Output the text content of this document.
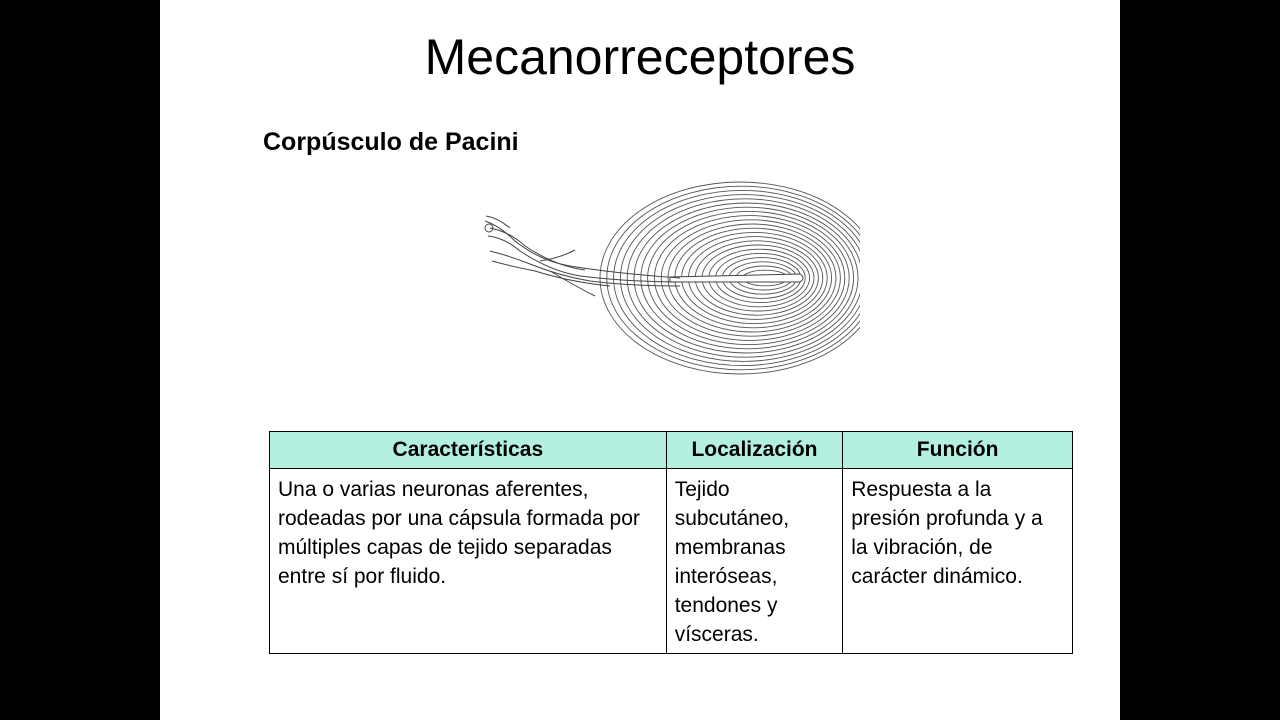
Mecanorreceptores
Corpúsculo de Pacini
Características	Localización	Función
Una o varias neuronas aferentes, rodeadas por una cápsula formada por múltiples capas de tejido separadas entre sí por fluido.	Tejido subcutáneo, membranas interóseas, tendones y vísceras.	Respuesta a la presión profunda y a la vibración, de carácter dinámico.
